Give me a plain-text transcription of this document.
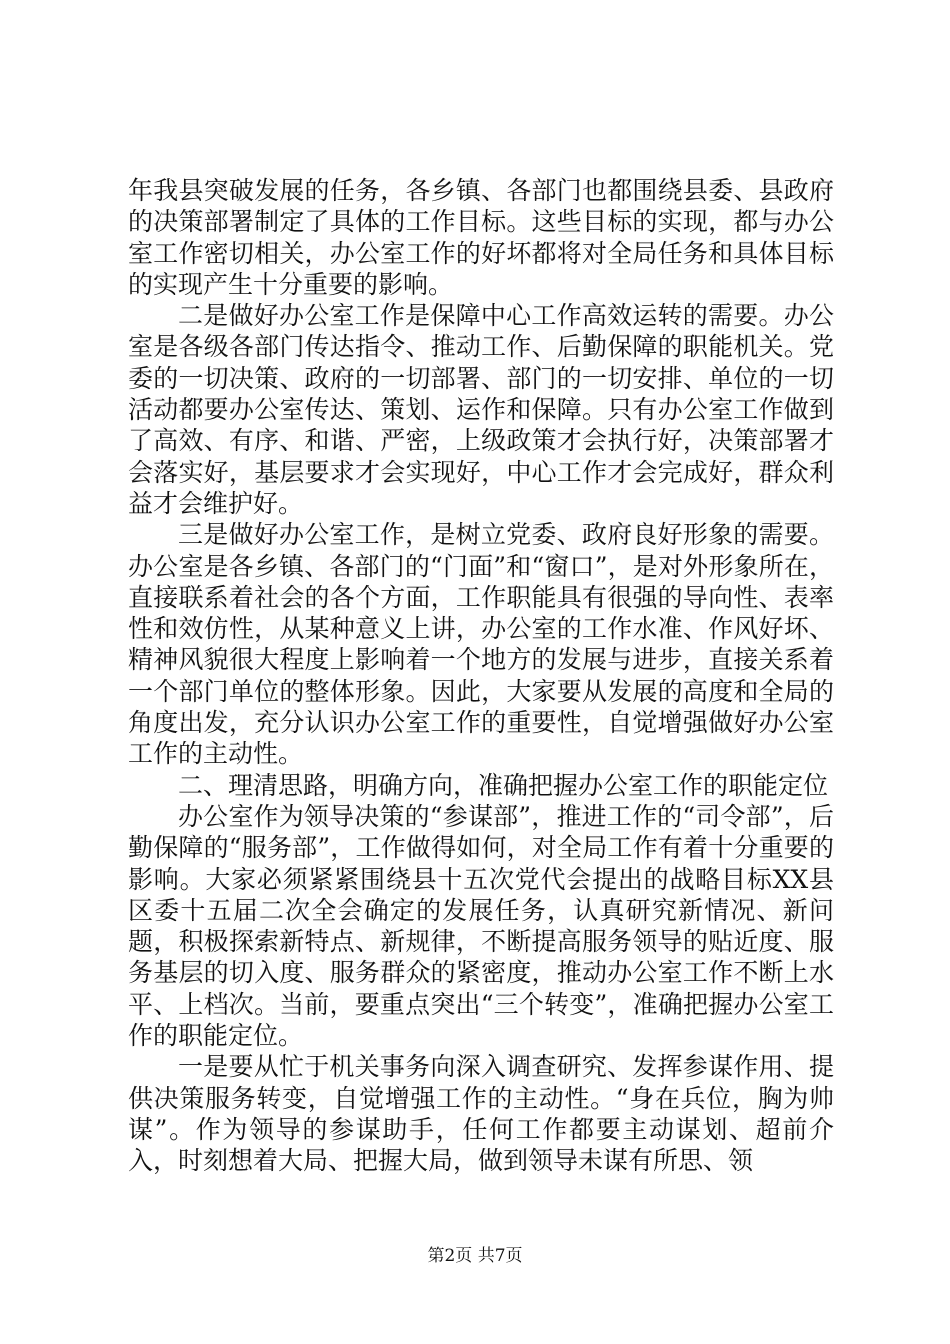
年我县突破发展的任务，各乡镇、各部门也都围绕县委、县政府的决策部署制定了具体的工作目标。这些目标的实现，都与办公室工作密切相关，办公室工作的好坏都将对全局任务和具体目标的实现产生十分重要的影响。

二是做好办公室工作是保障中心工作高效运转的需要。办公室是各级各部门传达指令、推动工作、后勤保障的职能机关。党委的一切决策、政府的一切部署、部门的一切安排、单位的一切活动都要办公室传达、策划、运作和保障。只有办公室工作做到了高效、有序、和谐、严密，上级政策才会执行好，决策部署才会落实好，基层要求才会实现好，中心工作才会完成好，群众利益才会维护好。

三是做好办公室工作，是树立党委、政府良好形象的需要。办公室是各乡镇、各部门的“门面”和“窗口”，是对外形象所在，直接联系着社会的各个方面，工作职能具有很强的导向性、表率性和效仿性，从某种意义上讲，办公室的工作水准、作风好坏、精神风貌很大程度上影响着一个地方的发展与进步，直接关系着一个部门单位的整体形象。因此，大家要从发展的高度和全局的角度出发，充分认识办公室工作的重要性，自觉增强做好办公室工作的主动性。

二、理清思路，明确方向，准确把握办公室工作的职能定位

办公室作为领导决策的“参谋部”，推进工作的“司令部”，后勤保障的“服务部”，工作做得如何，对全局工作有着十分重要的影响。大家必须紧紧围绕县十五次党代会提出的战略目标XX县区委十五届二次全会确定的发展任务，认真研究新情况、新问题，积极探索新特点、新规律，不断提高服务领导的贴近度、服务基层的切入度、服务群众的紧密度，推动办公室工作不断上水平、上档次。当前，要重点突出“三个转变”，准确把握办公室工作的职能定位。

一是要从忙于机关事务向深入调查研究、发挥参谋作用、提供决策服务转变，自觉增强工作的主动性。“身在兵位，胸为帅谋”。作为领导的参谋助手，任何工作都要主动谋划、超前介入，时刻想着大局、把握大局，做到领导未谋有所思、领

第2页 共7页
